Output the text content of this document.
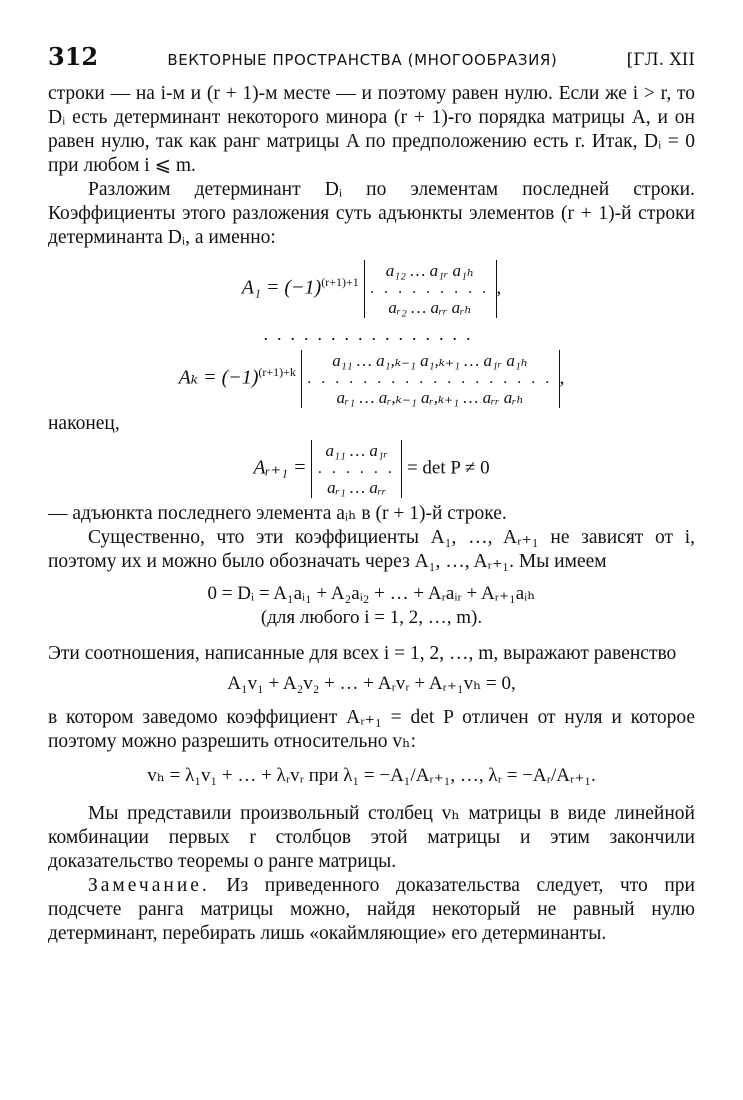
312	ВЕКТОРНЫЕ ПРОСТРАНСТВА (МНОГООБРАЗИЯ)	[ГЛ. XII

строки — на i-м и (r + 1)-м месте — и поэтому равен нулю. Если же i > r, то Dᵢ есть детерминант некоторого минора (r + 1)-го порядка матрицы A, и он равен нулю, так как ранг матрицы A по предположению есть r. Итак, Dᵢ = 0 при любом i ⩽ m.

Разложим детерминант Dᵢ по элементам последней строки. Коэффициенты этого разложения суть адъюнкты элементов (r + 1)-й строки детерминанта Dᵢ, а именно:

$A_1 = (-1)^{(r+1)+1}$
a₁₂ … a₁ᵣ a₁ₕ
. . . . . . . . .
aᵣ₂ … aᵣᵣ aᵣₕ
,
................
$A_k = (-1)^{(r+1)+k}$
a₁₁ … a₁,ₖ₋₁ a₁,ₖ₊₁ … a₁ᵣ a₁ₕ
. . . . . . . . . . . . . . . . . .
aᵣ₁ … aᵣ,ₖ₋₁ aᵣ,ₖ₊₁ … aᵣᵣ aᵣₕ
,

наконец,

Aᵣ₊₁ =
a₁₁ … a₁ᵣ
. . . . . .
aᵣ₁ … aᵣᵣ
= det P ≠ 0

— адъюнкта последнего элемента aᵢₕ в (r + 1)-й строке.

Существенно, что эти коэффициенты A₁, …, Aᵣ₊₁ не зависят от i, поэтому их и можно было обозначать через A₁, …, Aᵣ₊₁. Мы имеем

0 = Dᵢ = A₁aᵢ₁ + A₂aᵢ₂ + … + Aᵣaᵢᵣ + Aᵣ₊₁aᵢₕ
(для любого i = 1, 2, …, m).

Эти соотношения, написанные для всех i = 1, 2, …, m, выражают равенство

A₁v₁ + A₂v₂ + … + Aᵣvᵣ + Aᵣ₊₁vₕ = 0,

в котором заведомо коэффициент Aᵣ₊₁ = det P отличен от нуля и которое поэтому можно разрешить относительно vₕ:

vₕ = λ₁v₁ + … + λᵣvᵣ при λ₁ = −A₁/Aᵣ₊₁, …, λᵣ = −Aᵣ/Aᵣ₊₁.

Мы представили произвольный столбец vₕ матрицы в виде линейной комбинации первых r столбцов этой матрицы и этим закончили доказательство теоремы о ранге матрицы.

Замечание. Из приведенного доказательства следует, что при подсчете ранга матрицы можно, найдя некоторый не равный нулю детерминант, перебирать лишь «окаймляющие» его детерминанты.
